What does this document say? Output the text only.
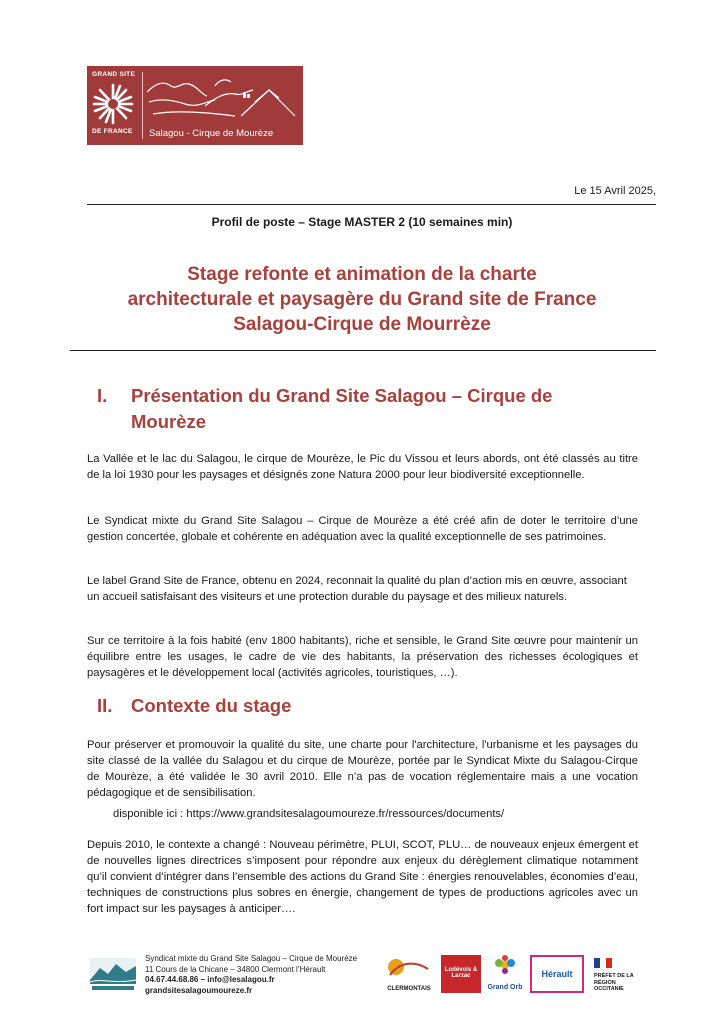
GRAND SITE
DE FRANCE Salagou - Cirque de Mourèze
Le 15 Avril 2025,
Profil de poste – Stage MASTER 2 (10 semaines min)
Stage refonte et animation de la charte
architecturale et paysagère du Grand site de France
Salagou-Cirque de Mourrèze
I. Présentation du Grand Site Salagou – Cirque de
Mourèze

La Vallée et le lac du Salagou, le cirque de Mourèze, le Pic du Vissou et leurs abords, ont été classés au titre de la loi 1930 pour les paysages et désignés zone Natura 2000 pour leur biodiversité exceptionnelle.

Le Syndicat mixte du Grand Site Salagou – Cirque de Mourèze a été créé afin de doter le territoire d’une gestion concertée, globale et cohérente en adéquation avec la qualité exceptionnelle de ses patrimoines.

Le label Grand Site de France, obtenu en 2024, reconnait la qualité du plan d’action mis en œuvre, associant un accueil satisfaisant des visiteurs et une protection durable du paysage et des milieux naturels.

Sur ce territoire à la fois habité (env 1800 habitants), riche et sensible, le Grand Site œuvre pour maintenir un équilibre entre les usages, le cadre de vie des habitants, la préservation des richesses écologiques et paysagères et le développement local (activités agricoles, touristiques, …).

II. Contexte du stage

Pour préserver et promouvoir la qualité du site, une charte pour l'architecture, l'urbanisme et les paysages du site classé de la vallée du Salagou et du cirque de Mourèze, portée par le Syndicat Mixte du Salagou-Cirque de Mourèze, a été validée le 30 avril 2010. Elle n’a pas de vocation réglementaire mais a une vocation pédagogique et de sensibilisation.

disponible ici : https://www.grandsitesalagoumoureze.fr/ressources/documents/

Depuis 2010, le contexte a changé : Nouveau périmètre, PLUI, SCOT, PLU… de nouveaux enjeux émergent et de nouvelles lignes directrices s’imposent pour répondre aux enjeux du dérèglement climatique notamment qu’il convient d’intégrer dans l’ensemble des actions du Grand Site : énergies renouvelables, économies d’eau, techniques de constructions plus sobres en énergie, changement de types de productions agricoles avec un fort impact sur les paysages à anticiper….

Syndicat mixte du Grand Site Salagou – Cirque de Mourèze
11 Cours de la Chicane – 34800 Clermont l’Hérault
04.67.44.68.86 – info@lesalagou.fr
grandsitesalagoumoureze.fr	CLERMONTAIS
Lodévois & Larzac
Grand Orb
Hérault	PRÉFET DE LA RÉGION OCCITANIE
